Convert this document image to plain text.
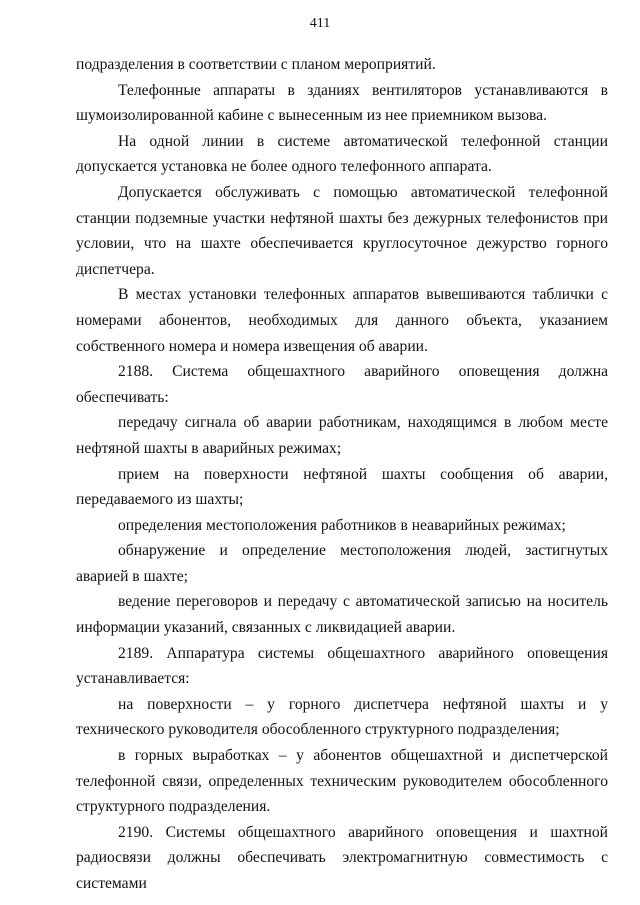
411

подразделения в соответствии с планом мероприятий.

Телефонные аппараты в зданиях вентиляторов устанавливаются в шумоизолированной кабине с вынесенным из нее приемником вызова.

На одной линии в системе автоматической телефонной станции допускается установка не более одного телефонного аппарата.

Допускается обслуживать с помощью автоматической телефонной станции подземные участки нефтяной шахты без дежурных телефонистов при условии, что на шахте обеспечивается круглосуточное дежурство горного диспетчера.

В местах установки телефонных аппаратов вывешиваются таблички с номерами абонентов, необходимых для данного объекта, указанием собственного номера и номера извещения об аварии.

2188. Система общешахтного аварийного оповещения должна обеспечивать:

передачу сигнала об аварии работникам, находящимся в любом месте нефтяной шахты в аварийных режимах;

прием на поверхности нефтяной шахты сообщения об аварии, передаваемого из шахты;

определения местоположения работников в неаварийных режимах;

обнаружение и определение местоположения людей, застигнутых аварией в шахте;

ведение переговоров и передачу с автоматической записью на носитель информации указаний, связанных с ликвидацией аварии.

2189. Аппаратура системы общешахтного аварийного оповещения устанавливается:

на поверхности – у горного диспетчера нефтяной шахты и у технического руководителя обособленного структурного подразделения;

в горных выработках – у абонентов общешахтной и диспетчерской телефонной связи, определенных техническим руководителем обособленного структурного подразделения.

2190. Системы общешахтного аварийного оповещения и шахтной радиосвязи должны обеспечивать электромагнитную совместимость с системами
